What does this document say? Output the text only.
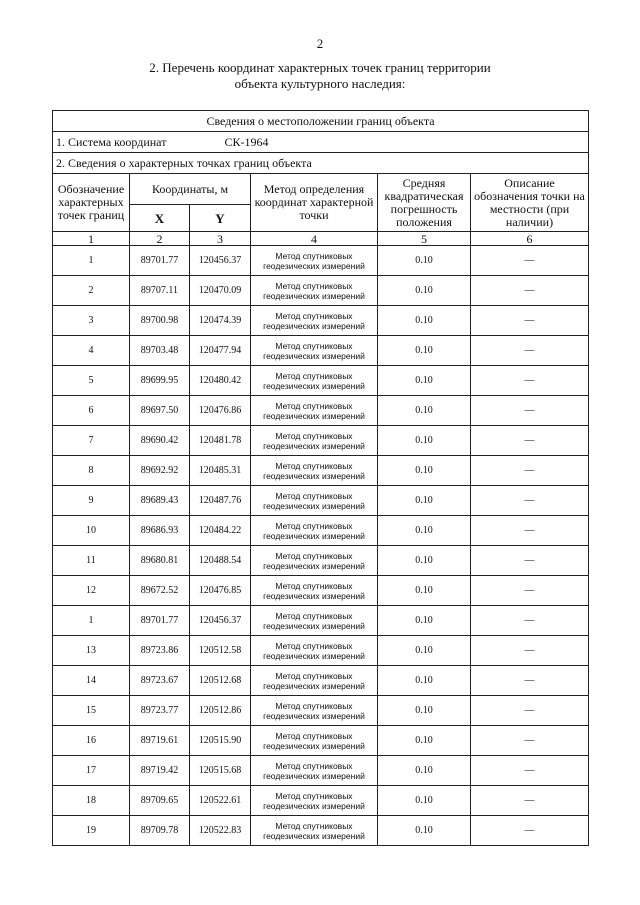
2
2. Перечень координат характерных точек границ территории
объекта культурного наследия:
Сведения о местоположении границ объекта					
1. Система координат СК-1964					
2. Сведения о характерных точках границ объекта					
Обозначение характерных точек границ	Координаты, м		Метод определения координат характерной точки	Средняя квадратическая погрешность положения	Описание обозначения точки на местности (при наличии)
	X	Y			
1	2	3	4	5	6
1	89701.77	120456.37	Метод спутниковых
геодезических измерений	0.10	—
2	89707.11	120470.09	Метод спутниковых
геодезических измерений	0.10	—
3	89700.98	120474.39	Метод спутниковых
геодезических измерений	0.10	—
4	89703.48	120477.94	Метод спутниковых
геодезических измерений	0.10	—
5	89699.95	120480.42	Метод спутниковых
геодезических измерений	0.10	—
6	89697.50	120476.86	Метод спутниковых
геодезических измерений	0.10	—
7	89690.42	120481.78	Метод спутниковых
геодезических измерений	0.10	—
8	89692.92	120485.31	Метод спутниковых
геодезических измерений	0.10	—
9	89689.43	120487.76	Метод спутниковых
геодезических измерений	0.10	—
10	89686.93	120484.22	Метод спутниковых
геодезических измерений	0.10	—
11	89680.81	120488.54	Метод спутниковых
геодезических измерений	0.10	—
12	89672.52	120476.85	Метод спутниковых
геодезических измерений	0.10	—
1	89701.77	120456.37	Метод спутниковых
геодезических измерений	0.10	—
13	89723.86	120512.58	Метод спутниковых
геодезических измерений	0.10	—
14	89723.67	120512.68	Метод спутниковых
геодезических измерений	0.10	—
15	89723.77	120512.86	Метод спутниковых
геодезических измерений	0.10	—
16	89719.61	120515.90	Метод спутниковых
геодезических измерений	0.10	—
17	89719.42	120515.68	Метод спутниковых
геодезических измерений	0.10	—
18	89709.65	120522.61	Метод спутниковых
геодезических измерений	0.10	—
19	89709.78	120522.83	Метод спутниковых
геодезических измерений	0.10	—
